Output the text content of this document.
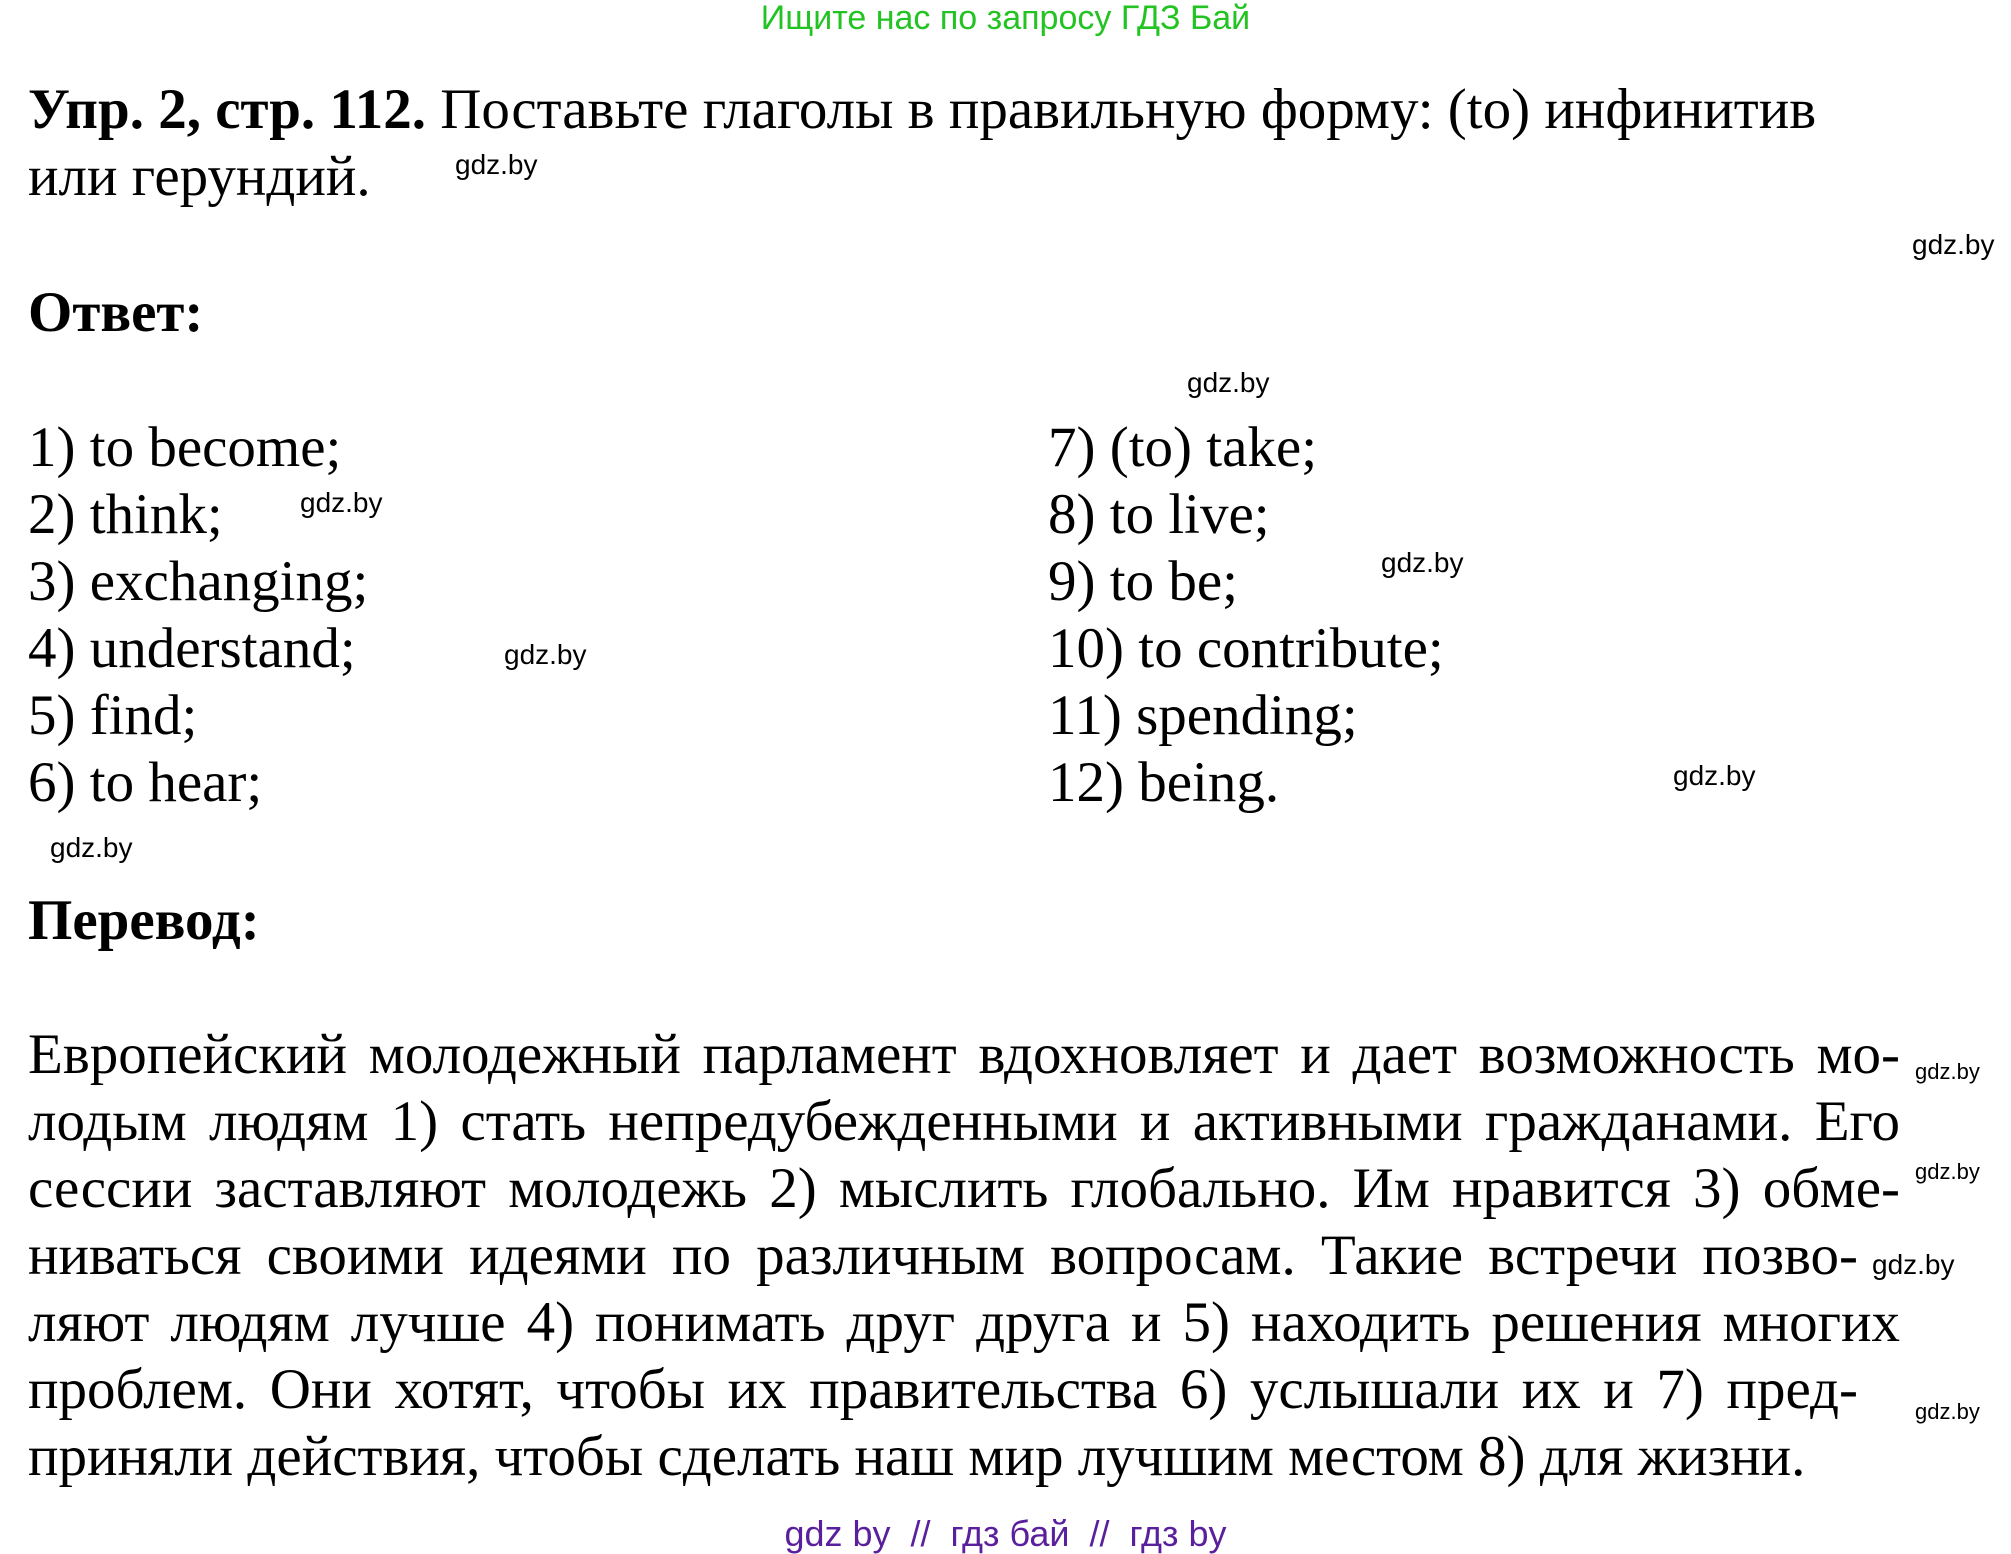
Ищите нас по запросу ГДЗ Бай
Упр. 2, стр. 112. Поставьте глаголы в правильную форму: (to) инфинитив
или герундий.
Ответ:
1) to become;
2) think;
3) exchanging;
4) understand;
5) find;
6) to hear;
7) (to) take;
8) to live;
9) to be;
10) to contribute;
11) spending;
12) being.
Перевод:
Европейский молодежный парламент вдохновляет и дает возможность мо-
лодым людям 1) стать непредубежденными и активными гражданами. Его
сессии заставляют молодежь 2) мыслить глобально. Им нравится 3) обме-
ниваться своими идеями по различным вопросам. Такие встречи позво-
ляют людям лучше 4) понимать друг друга и 5) находить решения многих
проблем. Они хотят, чтобы их правительства 6) услышали их и 7) пред-
приняли действия, чтобы сделать наш мир лучшим местом 8) для жизни.
gdz.by
gdz.by
gdz.by
gdz.by
gdz.by
gdz.by
gdz.by
gdz.by
gdz.by
gdz.by
gdz.by
gdz.by
gdz by  //  гдз бай  //  гдз by
